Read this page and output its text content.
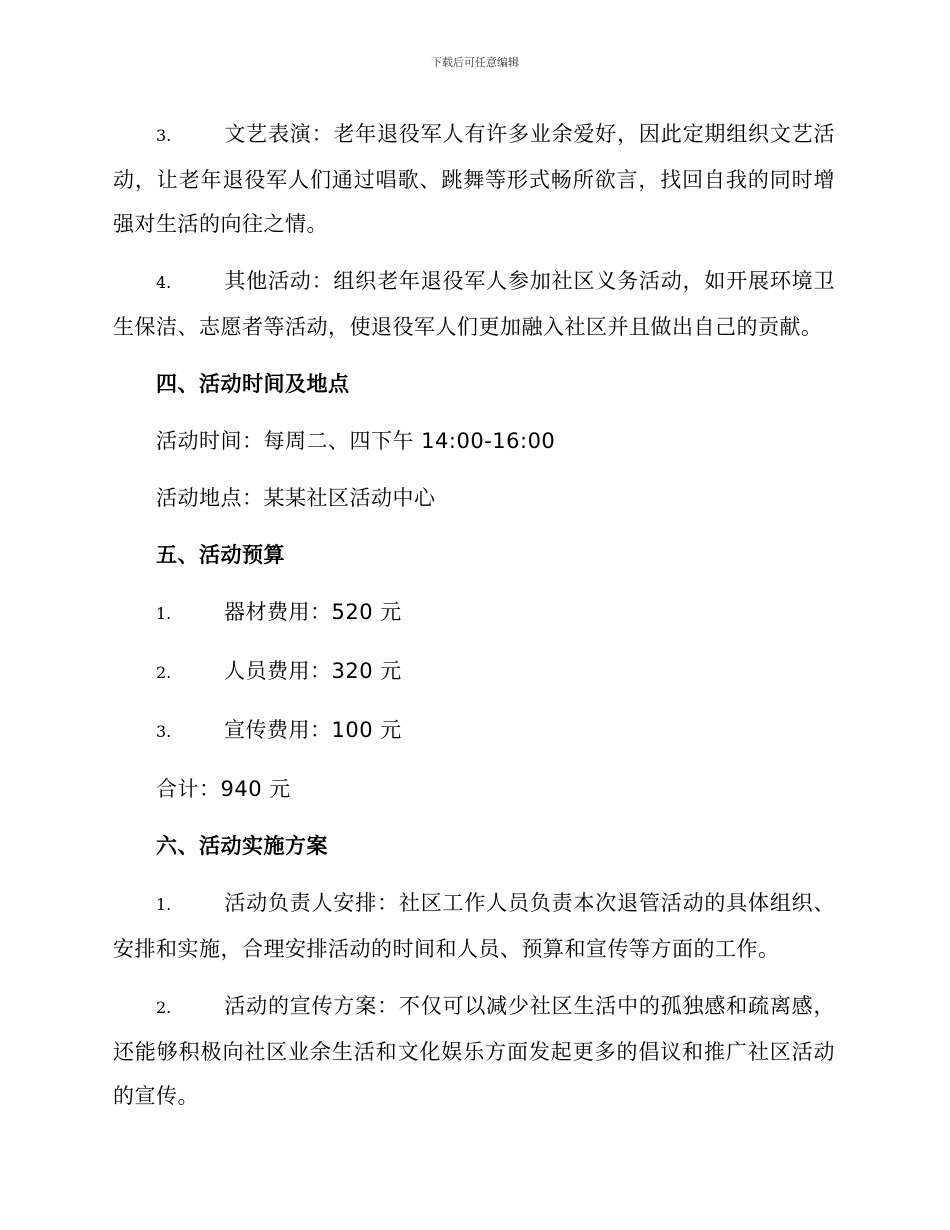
下载后可任意编辑

3.	文艺表演：老年退役军人有许多业余爱好，因此定期组织文艺活动，让老年退役军人们通过唱歌、跳舞等形式畅所欲言，找回自我的同时增强对生活的向往之情。

4.	其他活动：组织老年退役军人参加社区义务活动，如开展环境卫生保洁、志愿者等活动，使退役军人们更加融入社区并且做出自己的贡献。

四、活动时间及地点

活动时间：每周二、四下午 14:00-16:00

活动地点：某某社区活动中心

五、活动预算

1.	器材费用：520 元

2.	人员费用：320 元

3.	宣传费用：100 元

合计：940 元

六、活动实施方案

1.	活动负责人安排：社区工作人员负责本次退管活动的具体组织、安排和实施，合理安排活动的时间和人员、预算和宣传等方面的工作。

2.	活动的宣传方案：不仅可以减少社区生活中的孤独感和疏离感，还能够积极向社区业余生活和文化娱乐方面发起更多的倡议和推广社区活动的宣传。
